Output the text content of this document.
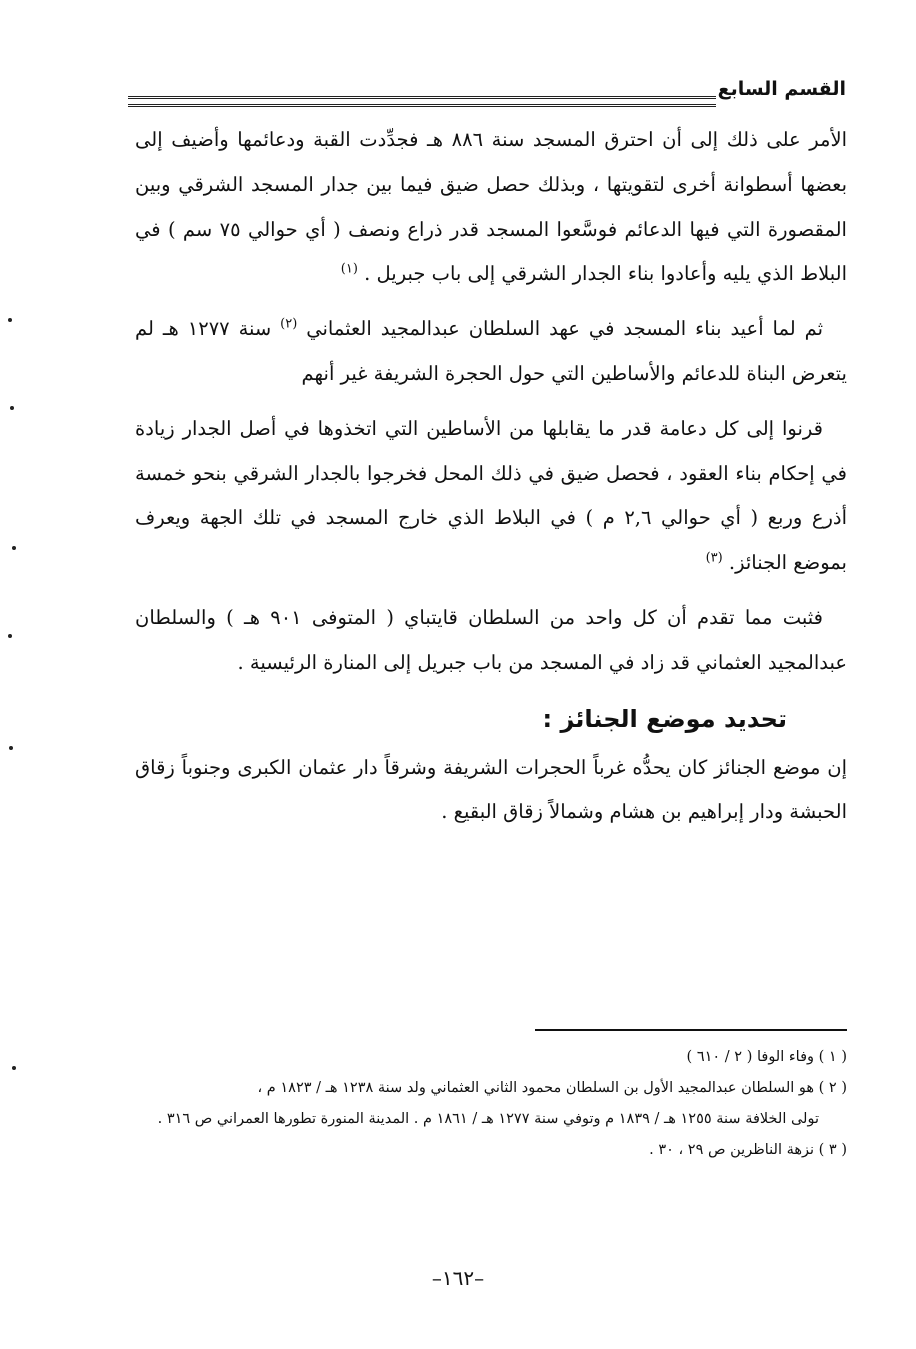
القسم السابع

الأمر على ذلك إلى أن احترق المسجد سنة ٨٨٦ هـ فجدِّدت القبة ودعائمها وأضيف إلى بعضها أسطوانة أخرى لتقويتها ، وبذلك حصل ضيق فيما بين جدار المسجد الشرقي وبين المقصورة التي فيها الدعائم فوسَّعوا المسجد قدر ذراع ونصف ( أي حوالي ٧٥ سم ) في البلاط الذي يليه وأعادوا بناء الجدار الشرقي إلى باب جبريل . $^{(١)}$

ثم لما أعيد بناء المسجد في عهد السلطان عبدالمجيد العثماني $^{(٢)}$ سنة ١٢٧٧ هـ لم يتعرض البناة للدعائم والأساطين التي حول الحجرة الشريفة غير أنهم

قرنوا إلى كل دعامة قدر ما يقابلها من الأساطين التي اتخذوها في أصل الجدار زيادة في إحكام بناء العقود ، فحصل ضيق في ذلك المحل فخرجوا بالجدار الشرقي بنحو خمسة أذرع وربع ( أي حوالي ٢,٦ م ) في البلاط الذي خارج المسجد في تلك الجهة ويعرف بموضع الجنائز. $^{(٣)}$

فثبت مما تقدم أن كل واحد من السلطان قايتباي ( المتوفى ٩٠١ هـ ) والسلطان عبدالمجيد العثماني قد زاد في المسجد من باب جبريل إلى المنارة الرئيسية .

تحديد موضع الجنائز :

إن موضع الجنائز كان يحدُّه غرباً الحجرات الشريفة وشرقاً دار عثمان الكبرى وجنوباً زقاق الحبشة ودار إبراهيم بن هشام وشمالاً زقاق البقيع .

( ١ ) وفاء الوفا ( ٢ / ٦١٠ )

( ٢ ) هو السلطان عبدالمجيد الأول بن السلطان محمود الثاني العثماني ولد سنة ١٢٣٨ هـ / ١٨٢٣ م ،

تولى الخلافة سنة ١٢٥٥ هـ / ١٨٣٩ م وتوفي سنة ١٢٧٧ هـ / ١٨٦١ م . المدينة المنورة تطورها العمراني ص ٣١٦ .

( ٣ ) نزهة الناظرين ص ٢٩ ، ٣٠ .

–١٦٢–
